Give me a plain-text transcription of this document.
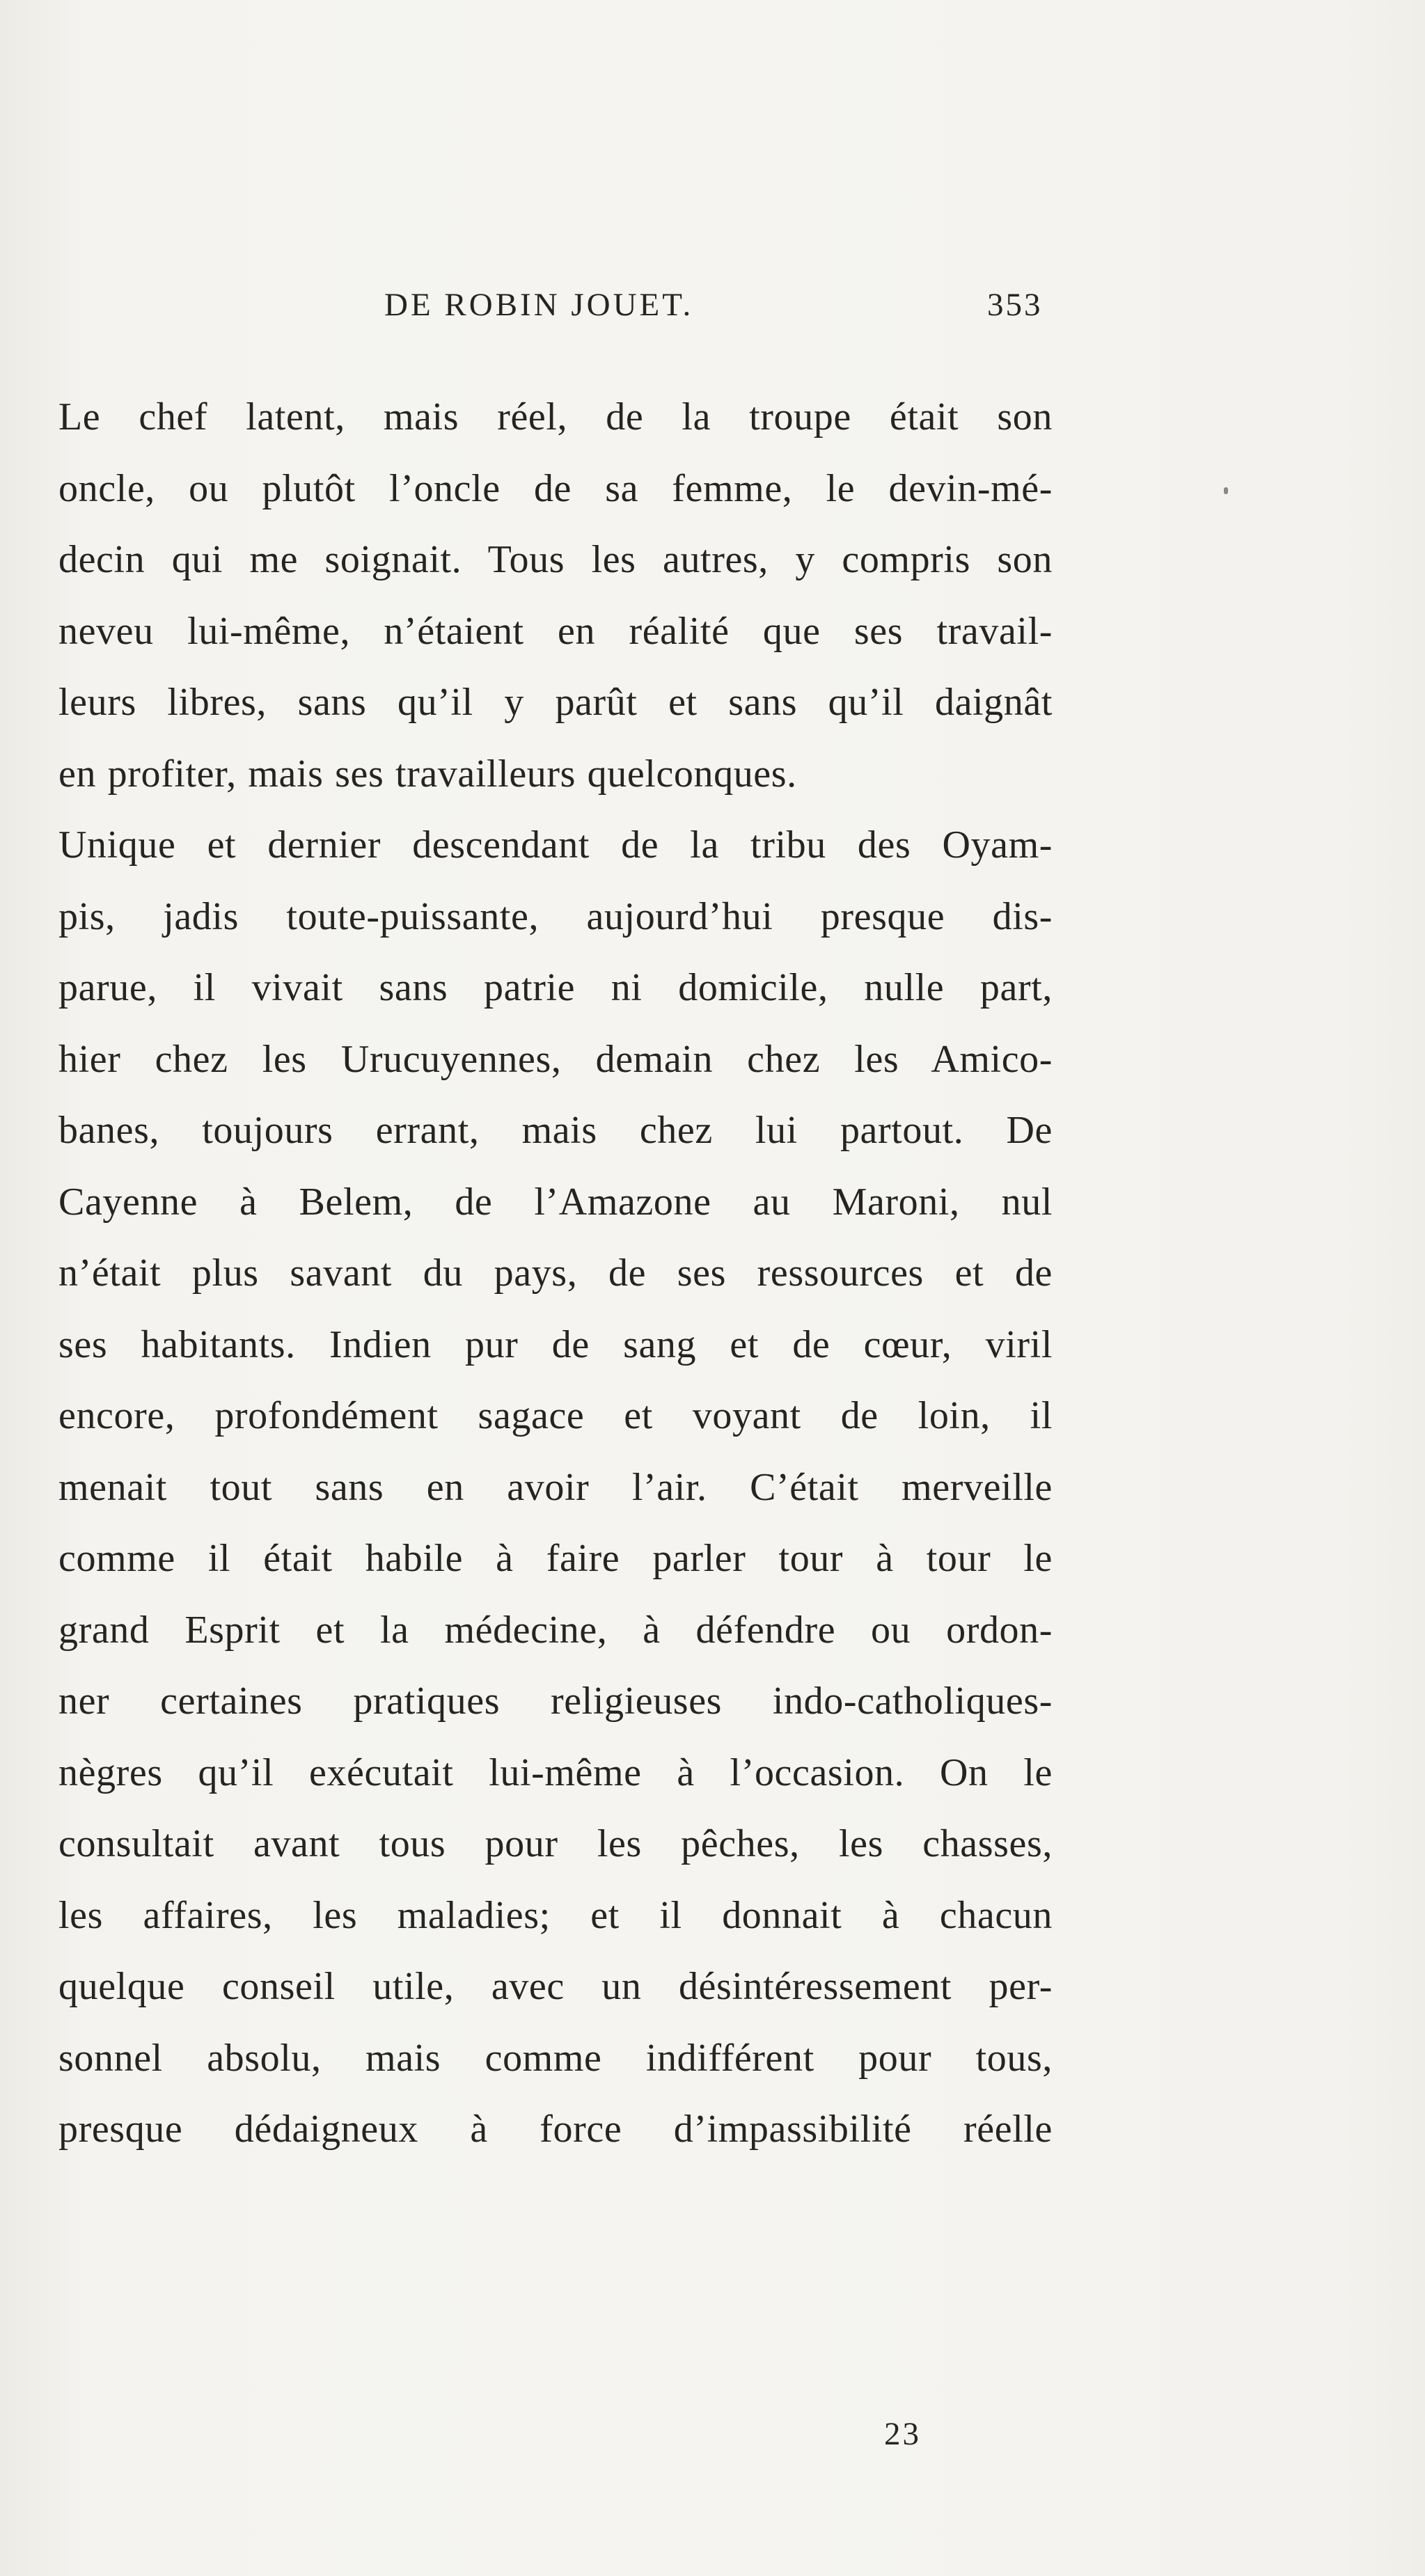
DE ROBIN JOUET.	353
Le chef latent, mais réel, de la troupe était son
oncle, ou plutôt l’oncle de sa femme, le devin-mé-
decin qui me soignait. Tous les autres, y compris son
neveu lui-même, n’étaient en réalité que ses travail-
leurs libres, sans qu’il y parût et sans qu’il daignât
en profiter, mais ses travailleurs quelconques.
Unique et dernier descendant de la tribu des Oyam-
pis, jadis toute-puissante, aujourd’hui presque dis-
parue, il vivait sans patrie ni domicile, nulle part,
hier chez les Urucuyennes, demain chez les Amico-
banes, toujours errant, mais chez lui partout. De
Cayenne à Belem, de l’Amazone au Maroni, nul
n’était plus savant du pays, de ses ressources et de
ses habitants. Indien pur de sang et de cœur, viril
encore, profondément sagace et voyant de loin, il
menait tout sans en avoir l’air. C’était merveille
comme il était habile à faire parler tour à tour le
grand Esprit et la médecine, à défendre ou ordon-
ner certaines pratiques religieuses indo-catholiques-
nègres qu’il exécutait lui-même à l’occasion. On le
consultait avant tous pour les pêches, les chasses,
les affaires, les maladies; et il donnait à chacun
quelque conseil utile, avec un désintéressement per-
sonnel absolu, mais comme indifférent pour tous,
presque dédaigneux à force d’impassibilité réelle
23
